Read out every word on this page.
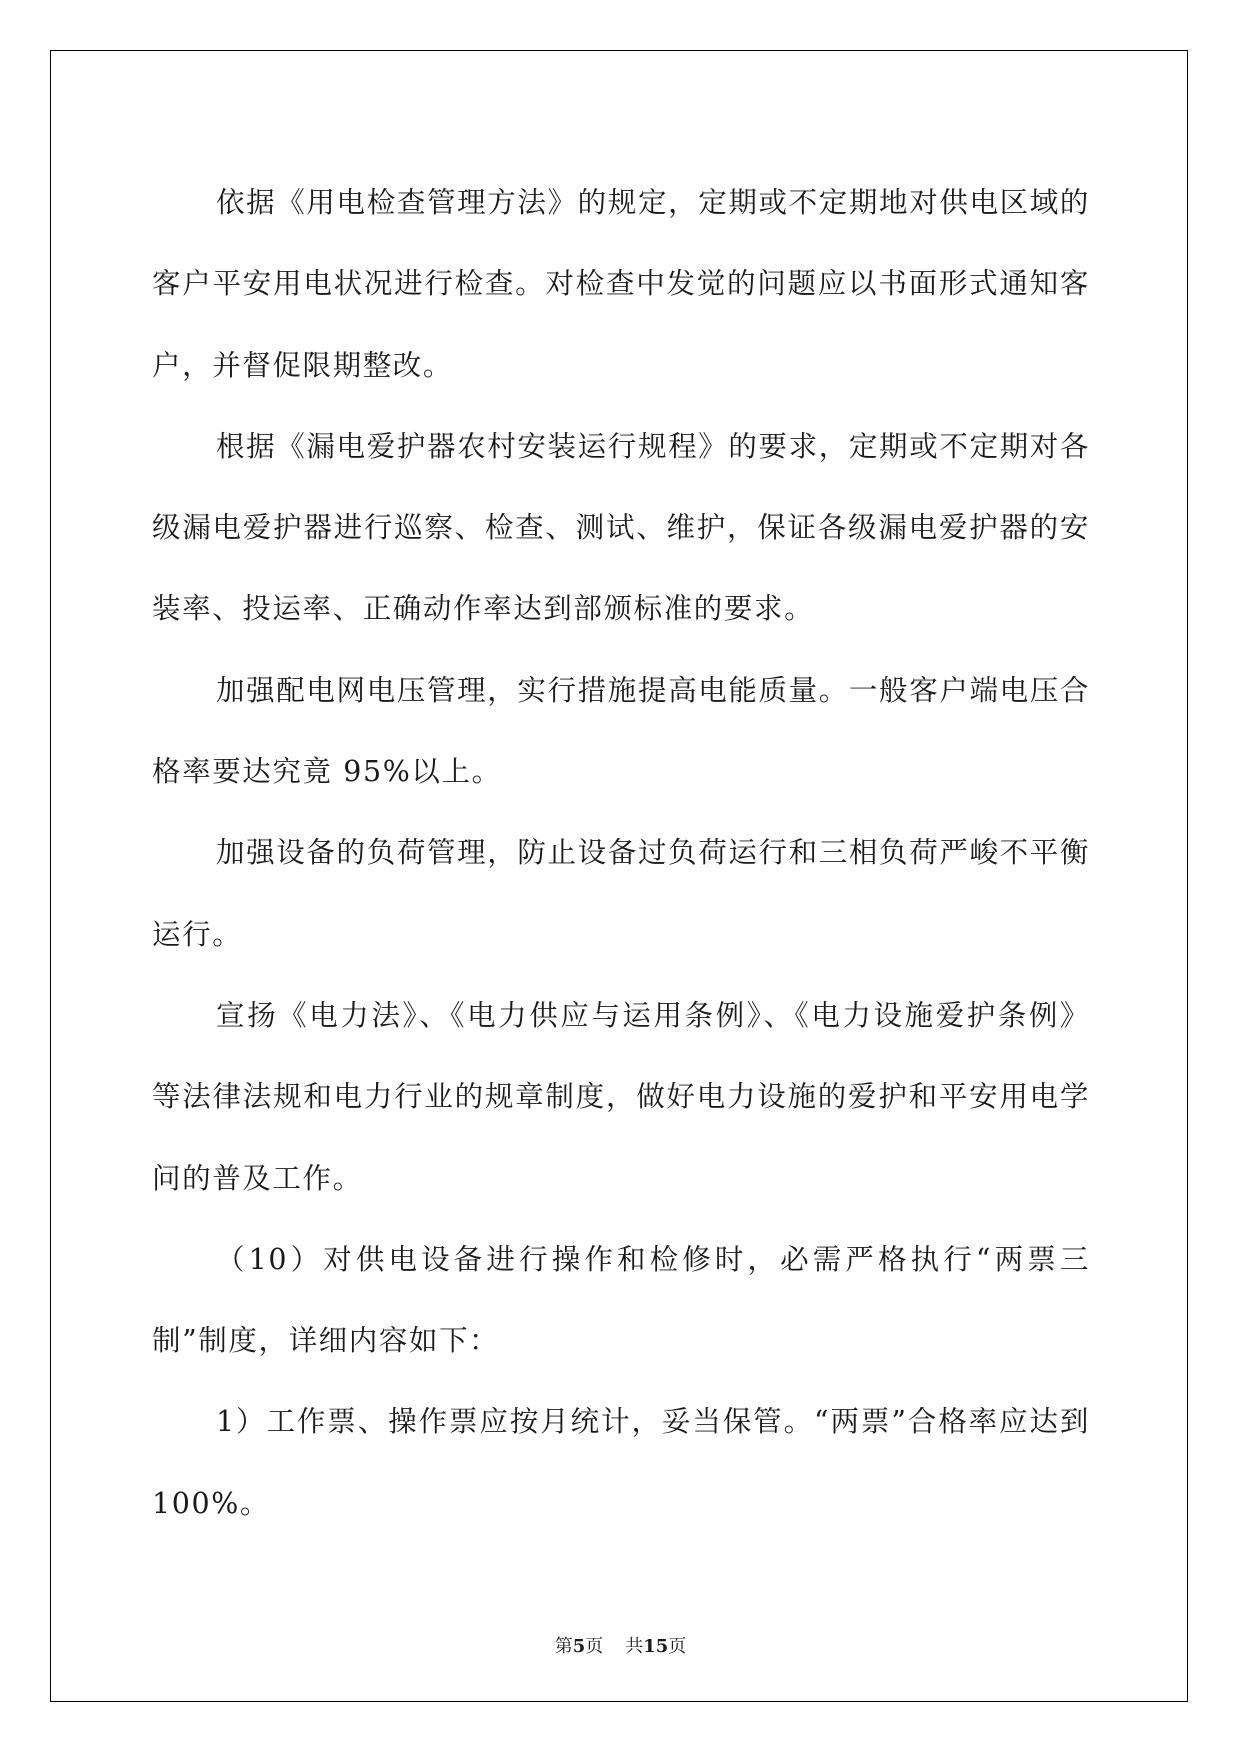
依据《用电检查管理方法》的规定，定期或不定期地对供电区域的客户平安用电状况进行检查。对检查中发觉的问题应以书面形式通知客户，并督促限期整改。

根据《漏电爱护器农村安装运行规程》的要求，定期或不定期对各级漏电爱护器进行巡察、检查、测试、维护，保证各级漏电爱护器的安装率、投运率、正确动作率达到部颁标准的要求。

加强配电网电压管理，实行措施提高电能质量。一般客户端电压合格率要达究竟 95%以上。

加强设备的负荷管理，防止设备过负荷运行和三相负荷严峻不平衡运行。

宣扬《电力法》、《电力供应与运用条例》、《电力设施爱护条例》等法律法规和电力行业的规章制度，做好电力设施的爱护和平安用电学问的普及工作。

（10）对供电设备进行操作和检修时，必需严格执行“两票三制”制度，详细内容如下：

1）工作票、操作票应按月统计，妥当保管。“两票”合格率应达到 100%。

第5页 共15页
